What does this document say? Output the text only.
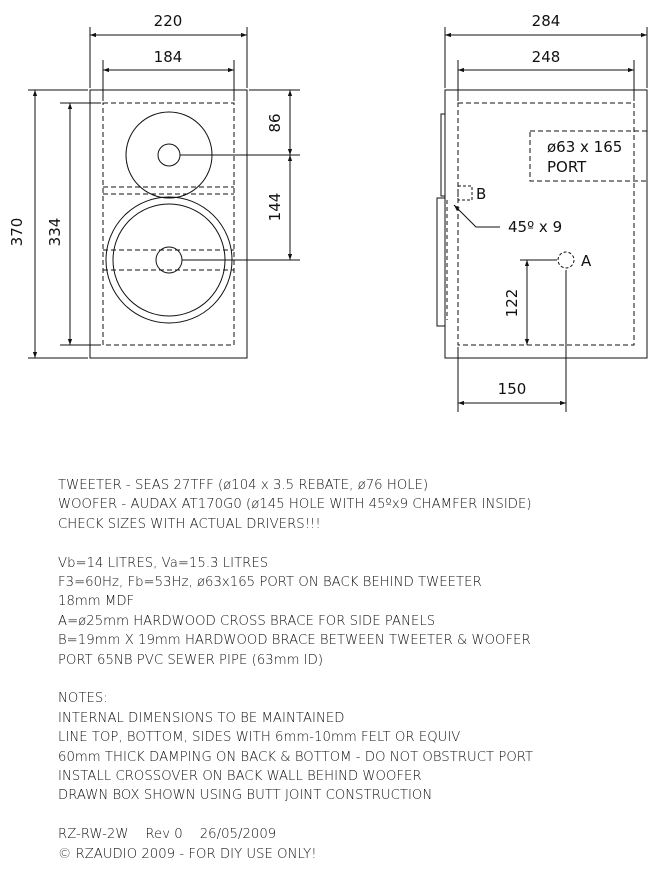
220
184
370 334
86
144
284
248
ø63 x 165
PORT
B
45º x 9
A
122
150
TWEETER - SEAS 27TFF (ø104 x 3.5 REBATE, ø76 HOLE)
WOOFER - AUDAX AT170G0 (ø145 HOLE WITH 45ºx9 CHAMFER INSIDE)
CHECK SIZES WITH ACTUAL DRIVERS!!!
Vb=14 LITRES, Va=15.3 LITRES
F3=60Hz, Fb=53Hz, ø63x165 PORT ON BACK BEHIND TWEETER
18mm MDF
A=ø25mm HARDWOOD CROSS BRACE FOR SIDE PANELS
B=19mm X 19mm HARDWOOD BRACE BETWEEN TWEETER & WOOFER
PORT 65NB PVC SEWER PIPE (63mm ID)
NOTES:
INTERNAL DIMENSIONS TO BE MAINTAINED
LINE TOP, BOTTOM, SIDES WITH 6mm-10mm FELT OR EQUIV
60mm THICK DAMPING ON BACK & BOTTOM - DO NOT OBSTRUCT PORT
INSTALL CROSSOVER ON BACK WALL BEHIND WOOFER
DRAWN BOX SHOWN USING BUTT JOINT CONSTRUCTION
RZ-RW-2W    Rev 0    26/05/2009
© RZAUDIO 2009 - FOR DIY USE ONLY!
